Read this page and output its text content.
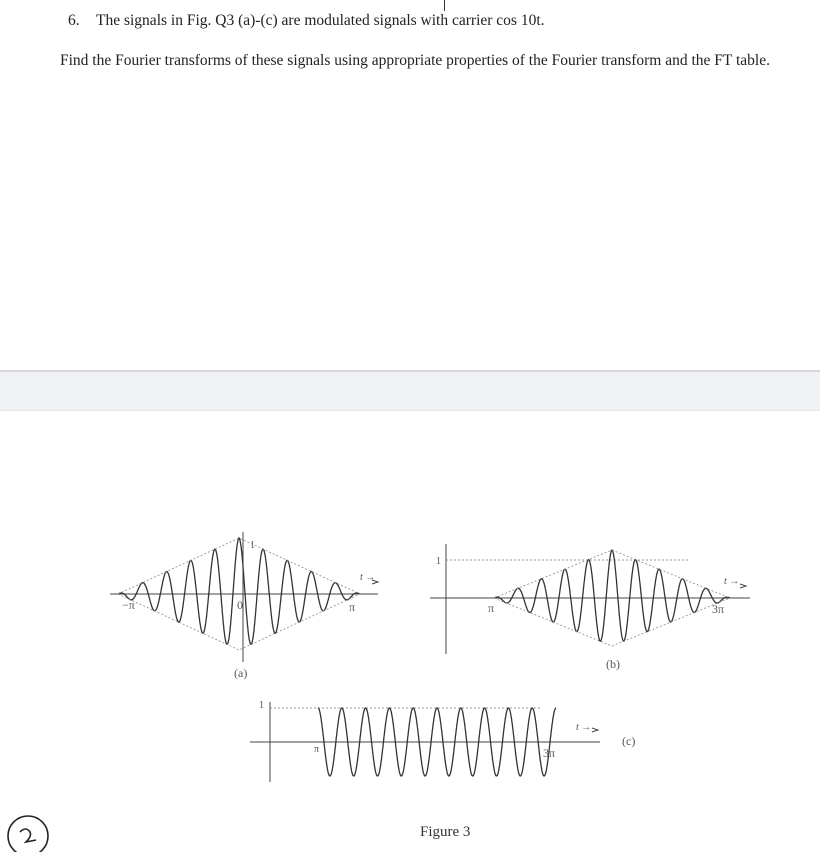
6. The signals in Fig. Q3 (a)-(c) are modulated signals with carrier cos 10t.
Find the Fourier transforms of these signals using appropriate properties of the Fourier transform and the FT table.
−π	0	π
1
t →
(a)
π	3π
1
t →
(b)
π	3π
1
t →
(c)
Figure 3
